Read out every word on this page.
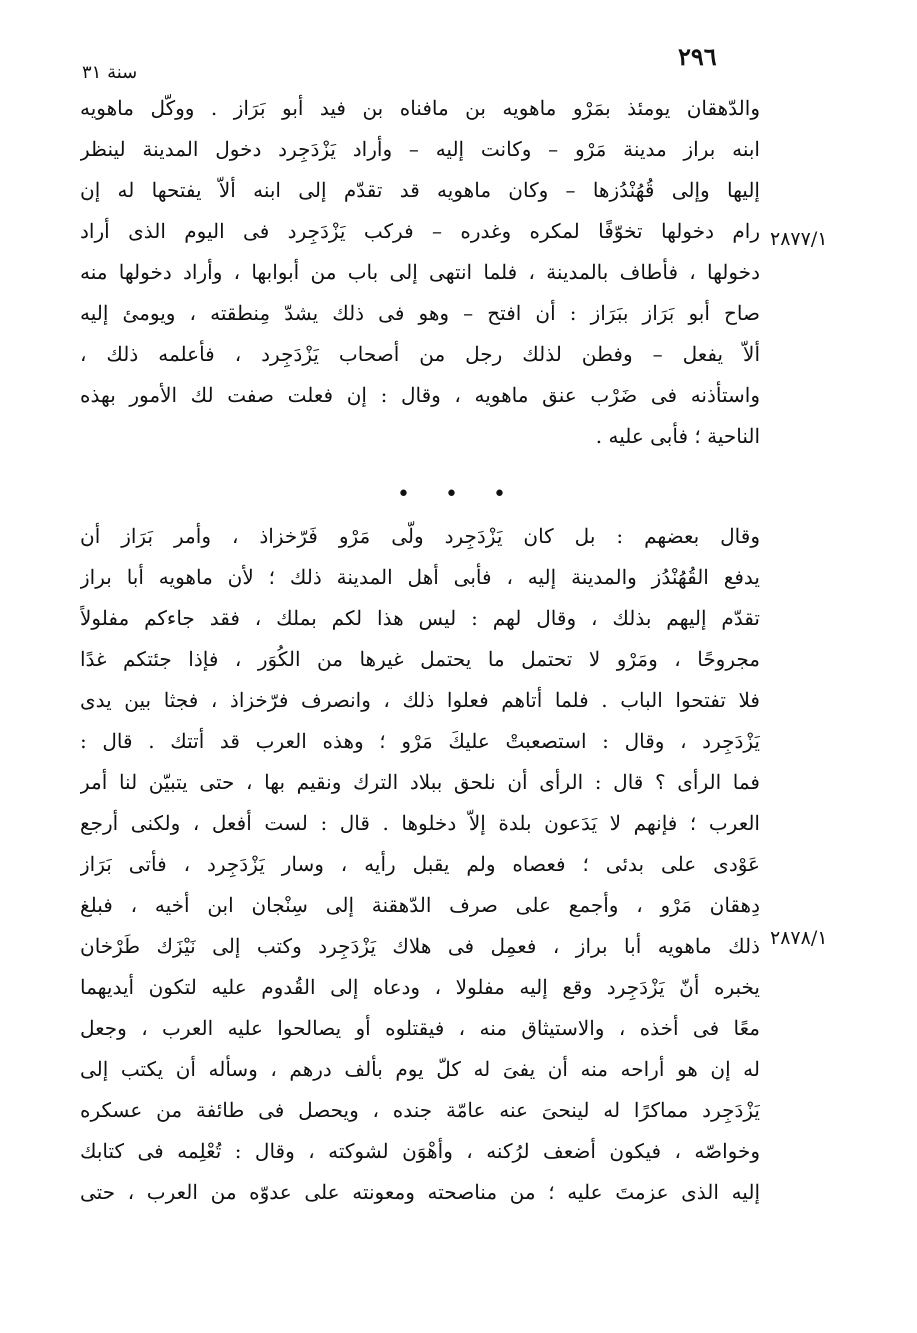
٢٩٦
سنة ٣١
٢٨٧٧/١
٢٨٧٨/١
والدّهقان يومئذ بمَرْو ماهويه بن مافناه بن فيد أبو بَرَاز . ووكّل ماهويه
ابنه براز مدينة مَرْو – وكانت إليه – وأراد يَزْدَجِرد دخول المدينة لينظر
إليها وإلى قُهُنْدُزها – وكان ماهويه قد تقدّم إلى ابنه ألاّ يفتحها له إن
رام دخولها تخوّفًا لمكره وغدره – فركب يَزْدَجِرد فى اليوم الذى أراد
دخولها ، فأطاف بالمدينة ، فلما انتهى إلى باب من أبوابها ، وأراد دخولها منه
صاح أبو بَرَاز ببَرَاز : أن افتح – وهو فى ذلك يشدّ مِنطقته ، ويومئ إليه
ألاّ يفعل – وفطن لذلك رجل من أصحاب يَزْدَجِرد ، فأعلمه ذلك ،
واستأذنه فى ضَرْب عنق ماهويه ، وقال : إن فعلت صفت لك الأمور بهذه
الناحية ؛ فأبى عليه .
• • •
وقال بعضهم : بل كان يَزْدَجِرد ولّى مَرْو فَرّخزاذ ، وأمر بَرَاز أن
يدفع القُهُنْدُز والمدينة إليه ، فأبى أهل المدينة ذلك ؛ لأن ماهويه أبا براز
تقدّم إليهم بذلك ، وقال لهم : ليس هذا لكم بملك ، فقد جاءكم مفلولاً
مجروحًا ، ومَرْو لا تحتمل ما يحتمل غيرها من الكُوَر ، فإذا جئتكم غدًا
فلا تفتحوا الباب . فلما أتاهم فعلوا ذلك ، وانصرف فرّخزاذ ، فجثا بين يدى
يَزْدَجِرد ، وقال : استصعبتْ عليكَ مَرْو ؛ وهذه العرب قد أتتك . قال :
فما الرأى ؟ قال : الرأى أن نلحق ببلاد الترك ونقيم بها ، حتى يتبيّن لنا أمر
العرب ؛ فإنهم لا يَدَعون بلدة إلاّ دخلوها . قال : لست أفعل ، ولكنى أرجع
عَوْدى على بدئى ؛ فعصاه ولم يقبل رأيه ، وسار يَزْدَجِرد ، فأتى بَرَاز
دِهقان مَرْو ، وأجمع على صرف الدّهقنة إلى سِنْجان ابن أخيه ، فبلغ
ذلك ماهويه أبا براز ، فعمِل فى هلاك يَزْدَجِرد وكتب إلى نَيْزَك طَرْخان
يخبره أنّ يَزْدَجِرد وقع إليه مفلولا ، ودعاه إلى القُدوم عليه لتكون أيديهما
معًا فى أخذه ، والاستيثاق منه ، فيقتلوه أو يصالحوا عليه العرب ، وجعل
له إن هو أراحه منه أن يفىَ له كلّ يوم بألف درهم ، وسأله أن يكتب إلى
يَزْدَجِرد مماكرًا له لينحىَ عنه عامّة جنده ، ويحصل فى طائفة من عسكره
وخواصّه ، فيكون أضعف لرُكنه ، وأهْوَن لشوكته ، وقال : تُعْلِمه فى كتابك
إليه الذى عزمتَ عليه ؛ من مناصحته ومعونته على عدوّه من العرب ، حتى
